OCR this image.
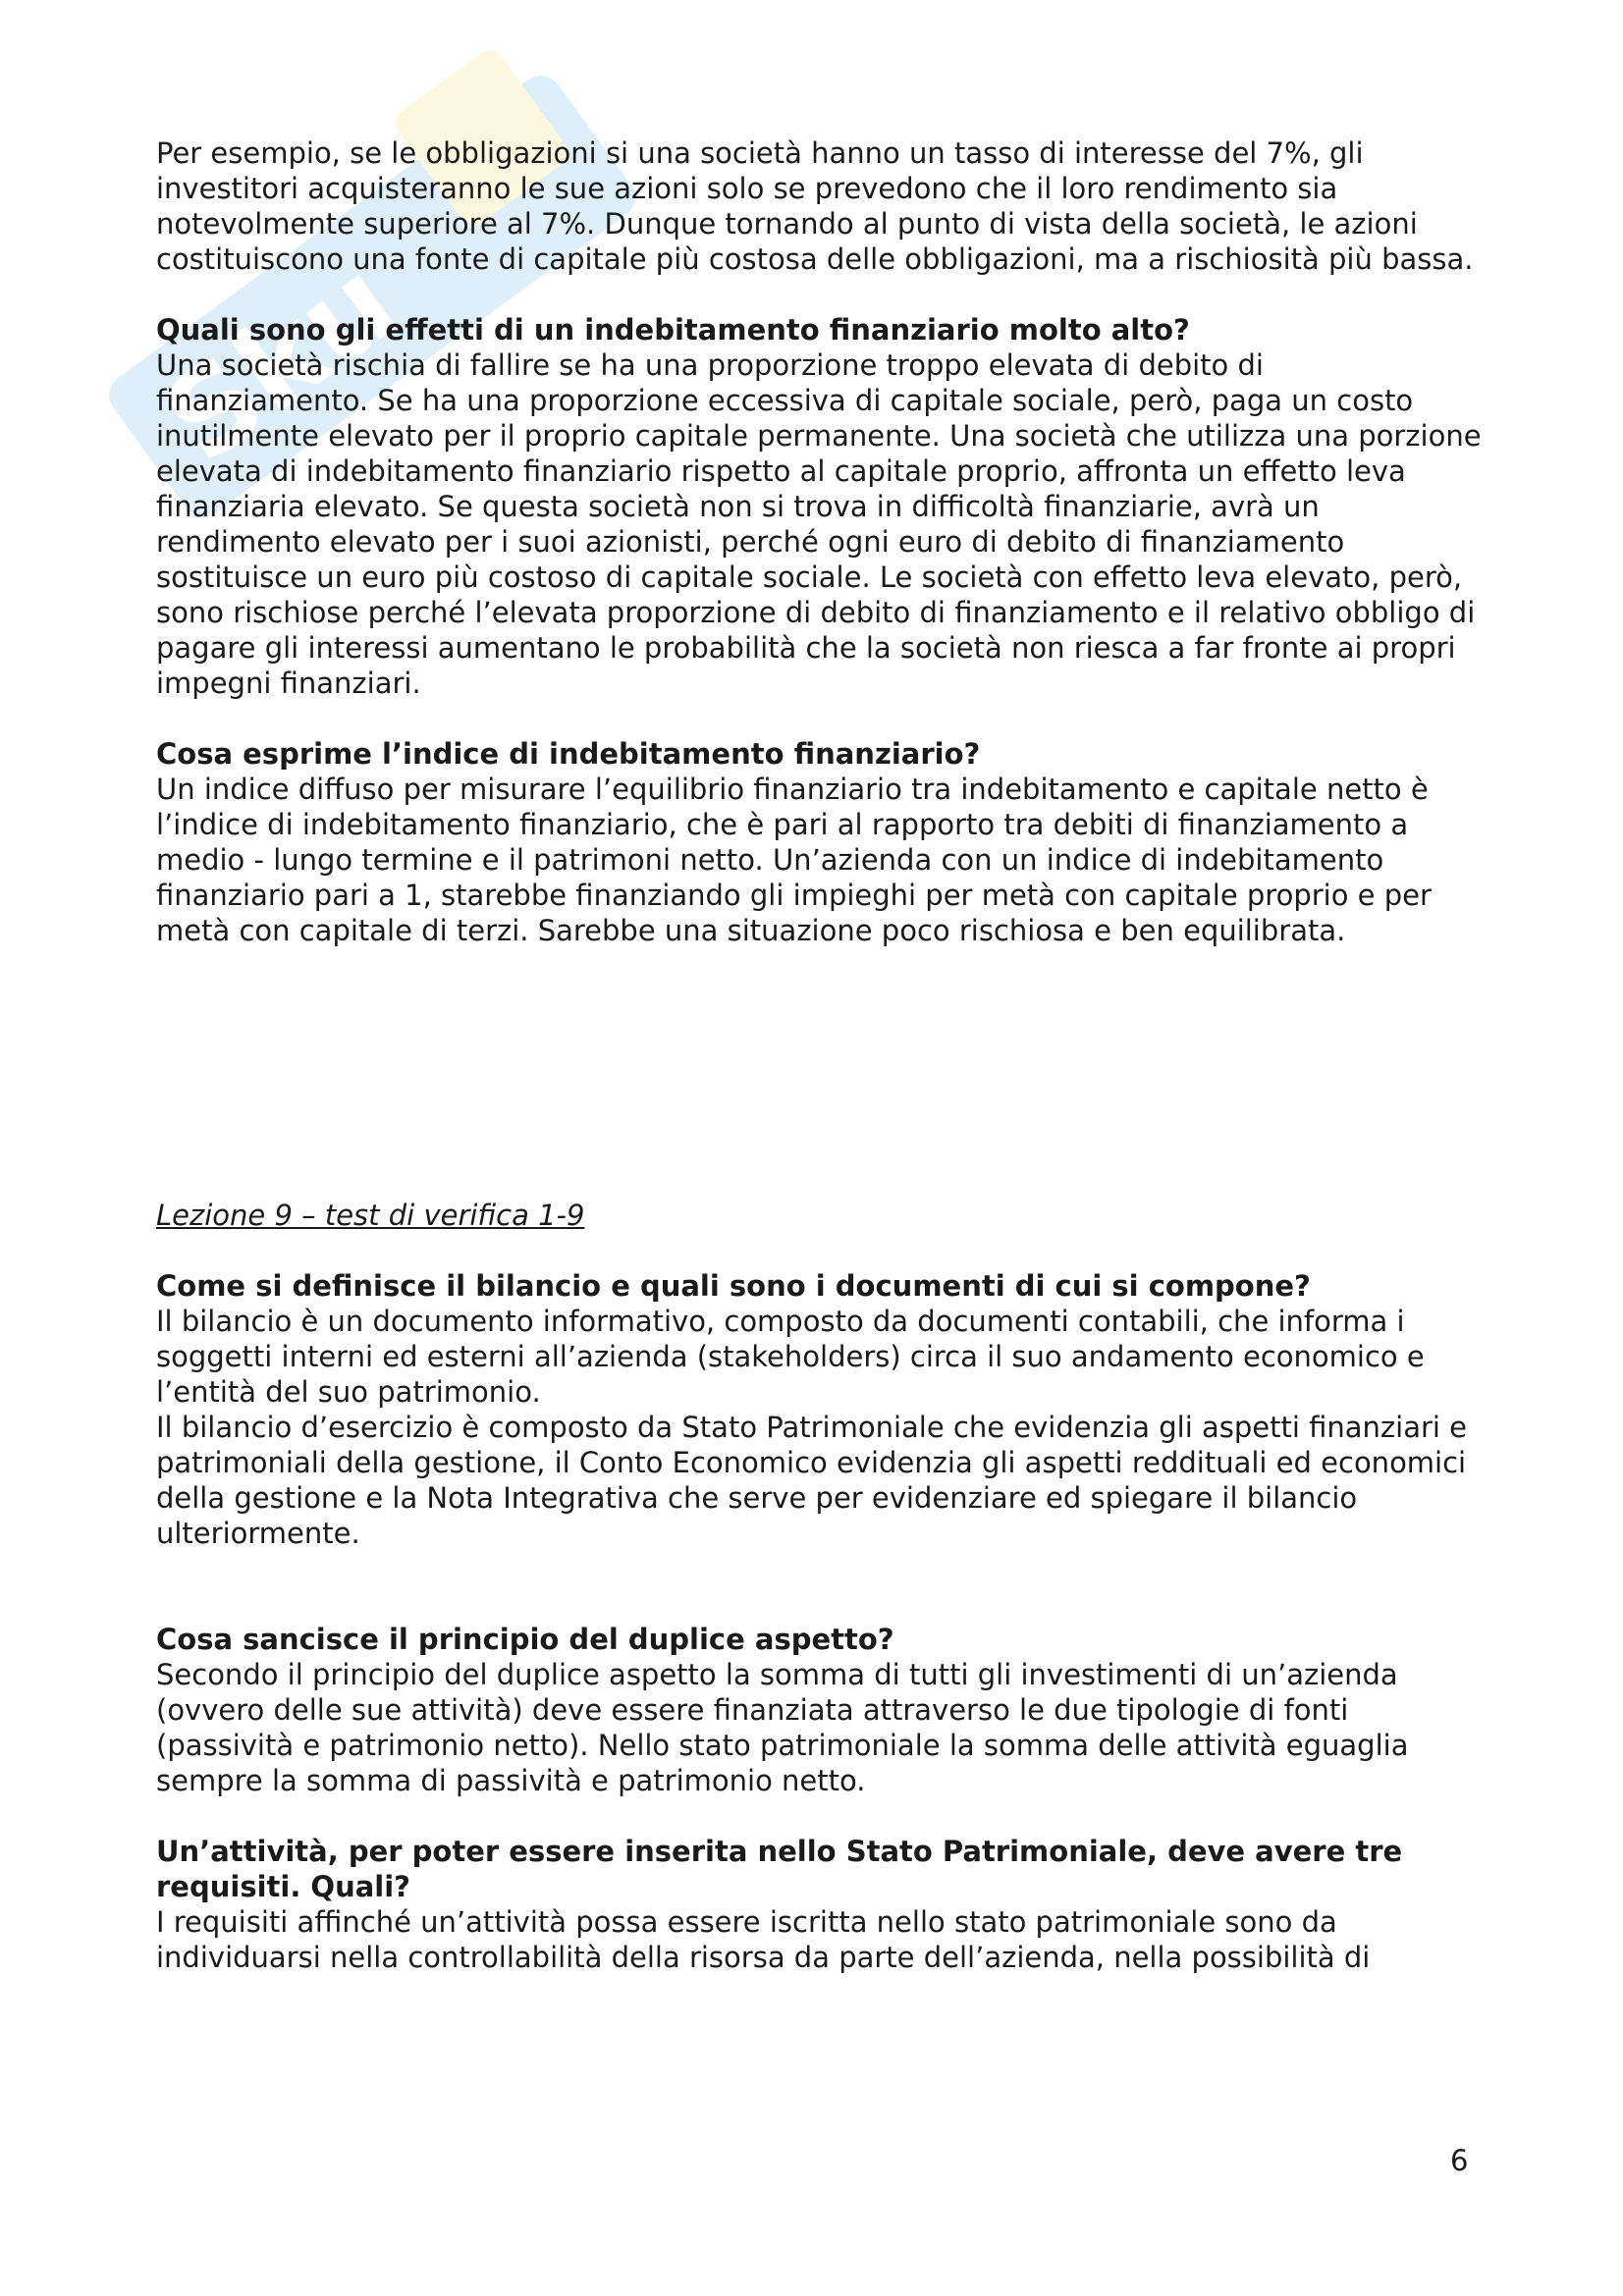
Sku

Per esempio, se le obbligazioni si una società hanno un tasso di interesse del 7%, gli investitori acquisteranno le sue azioni solo se prevedono che il loro rendimento sia notevolmente superiore al 7%. Dunque tornando al punto di vista della società, le azioni costituiscono una fonte di capitale più costosa delle obbligazioni, ma a rischiosità più bassa.

Quali sono gli effetti di un indebitamento finanziario molto alto?

Una società rischia di fallire se ha una proporzione troppo elevata di debito di finanziamento. Se ha una proporzione eccessiva di capitale sociale, però, paga un costo inutilmente elevato per il proprio capitale permanente. Una società che utilizza una porzione elevata di indebitamento finanziario rispetto al capitale proprio, affronta un effetto leva finanziaria elevato. Se questa società non si trova in difficoltà finanziarie, avrà un rendimento elevato per i suoi azionisti, perché ogni euro di debito di finanziamento sostituisce un euro più costoso di capitale sociale. Le società con effetto leva elevato, però, sono rischiose perché l’elevata proporzione di debito di finanziamento e il relativo obbligo di pagare gli interessi aumentano le probabilità che la società non riesca a far fronte ai propri impegni finanziari.

Cosa esprime l’indice di indebitamento finanziario?

Un indice diffuso per misurare l’equilibrio finanziario tra indebitamento e capitale netto è l’indice di indebitamento finanziario, che è pari al rapporto tra debiti di finanziamento a medio - lungo termine e il patrimoni netto. Un’azienda con un indice di indebitamento finanziario pari a 1, starebbe finanziando gli impieghi per metà con capitale proprio e per metà con capitale di terzi. Sarebbe una situazione poco rischiosa e ben equilibrata.

Lezione 9 – test di verifica 1-9

Come si definisce il bilancio e quali sono i documenti di cui si compone?

Il bilancio è un documento informativo, composto da documenti contabili, che informa i soggetti interni ed esterni all’azienda (stakeholders) circa il suo andamento economico e l’entità del suo patrimonio.

Il bilancio d’esercizio è composto da Stato Patrimoniale che evidenzia gli aspetti finanziari e patrimoniali della gestione, il Conto Economico evidenzia gli aspetti reddituali ed economici della gestione e la Nota Integrativa che serve per evidenziare ed spiegare il bilancio ulteriormente.

Cosa sancisce il principio del duplice aspetto?

Secondo il principio del duplice aspetto la somma di tutti gli investimenti di un’azienda (ovvero delle sue attività) deve essere finanziata attraverso le due tipologie di fonti (passività e patrimonio netto). Nello stato patrimoniale la somma delle attività eguaglia sempre la somma di passività e patrimonio netto.

Un’attività, per poter essere inserita nello Stato Patrimoniale, deve avere tre requisiti. Quali?

I requisiti affinché un’attività possa essere iscritta nello stato patrimoniale sono da individuarsi nella controllabilità della risorsa da parte dell’azienda, nella possibilità di

6
